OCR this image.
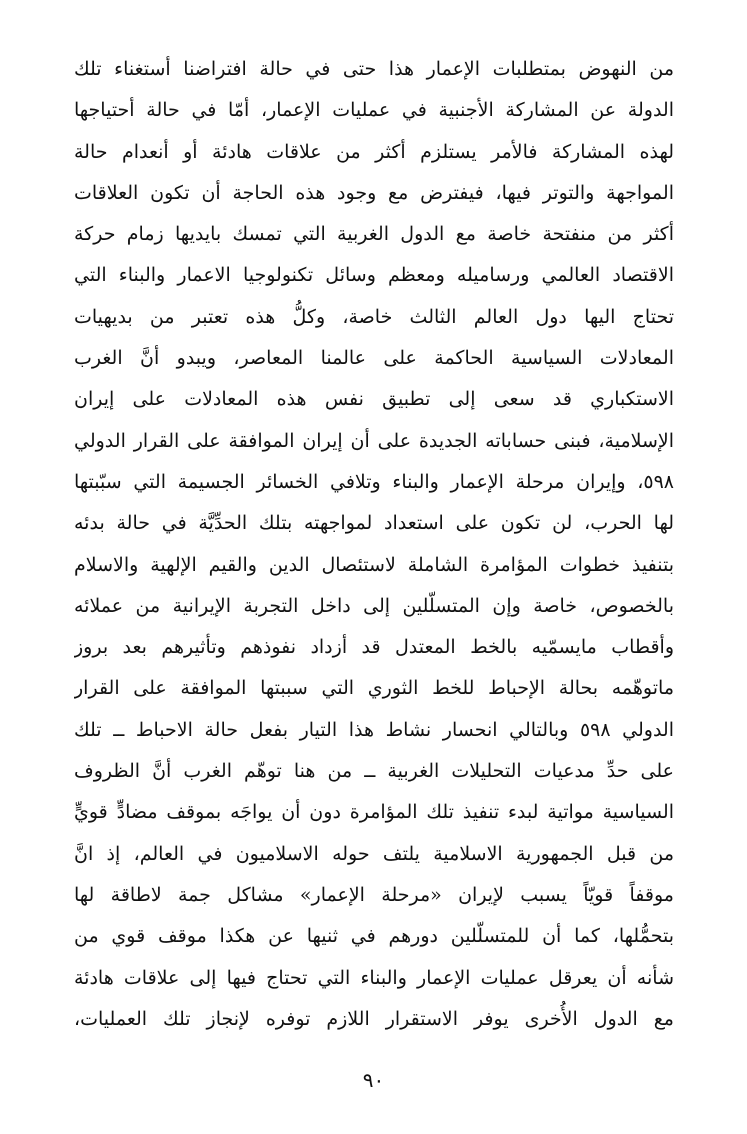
من النهوض بمتطلبات الإعمار هذا حتى في حالة افتراضنا أستغناء تلك
الدولة عن المشاركة الأجنبية في عمليات الإعمار، أمّا في حالة أحتياجها
لهذه المشاركة فالأمر يستلزم أكثر من علاقات هادئة أو أنعدام حالة
المواجهة والتوتر فيها، فيفترض مع وجود هذه الحاجة أن تكون العلاقات
أكثر من منفتحة خاصة مع الدول الغربية التي تمسك بايديها زمام حركة
الاقتصاد العالمي ورساميله ومعظم وسائل تكنولوجيا الاعمار والبناء التي
تحتاج اليها دول العالم الثالث خاصة، وكلُّ هذه تعتبر من بديهيات
المعادلات السياسية الحاكمة على عالمنا المعاصر، ويبدو أنَّ الغرب
الاستكباري قد سعى إلى تطبيق نفس هذه المعادلات على إيران
الإسلامية، فبنى حساباته الجديدة على أن إيران الموافقة على القرار الدولي
٥٩٨، وإيران مرحلة الإعمار والبناء وتلافي الخسائر الجسيمة التي سبّبتها
لها الحرب، لن تكون على استعداد لمواجهته بتلك الحدِّيَّة في حالة بدئه
بتنفيذ خطوات المؤامرة الشاملة لاستئصال الدين والقيم الإلهية والاسلام
بالخصوص، خاصة وإن المتسلّلين إلى داخل التجربة الإيرانية من عملائه
وأقطاب مايسمّيه بالخط المعتدل قد أزداد نفوذهم وتأثيرهم بعد بروز
ماتوهّمه بحالة الإحباط للخط الثوري التي سببتها الموافقة على القرار
الدولي ٥٩٨ وبالتالي انحسار نشاط هذا التيار بفعل حالة الاحباط ــ تلك
على حدِّ مدعيات التحليلات الغربية ــ من هنا توهّم الغرب أنَّ الظروف
السياسية مواتية لبدء تنفيذ تلك المؤامرة دون أن يواجَه بموقف مضادٍّ قويٍّ
من قبل الجمهورية الاسلامية يلتف حوله الاسلاميون في العالم، إذ انَّ
موقفاً قويّاً يسبب لإيران «مرحلة الإعمار» مشاكل جمة لاطاقة لها
بتحمُّلها، كما أن للمتسلّلين دورهم في ثنيها عن هكذا موقف قوي من
شأنه أن يعرقل عمليات الإعمار والبناء التي تحتاج فيها إلى علاقات هادئة
مع الدول الأُخرى يوفر الاستقرار اللازم توفره لإنجاز تلك العمليات،
٩٠
